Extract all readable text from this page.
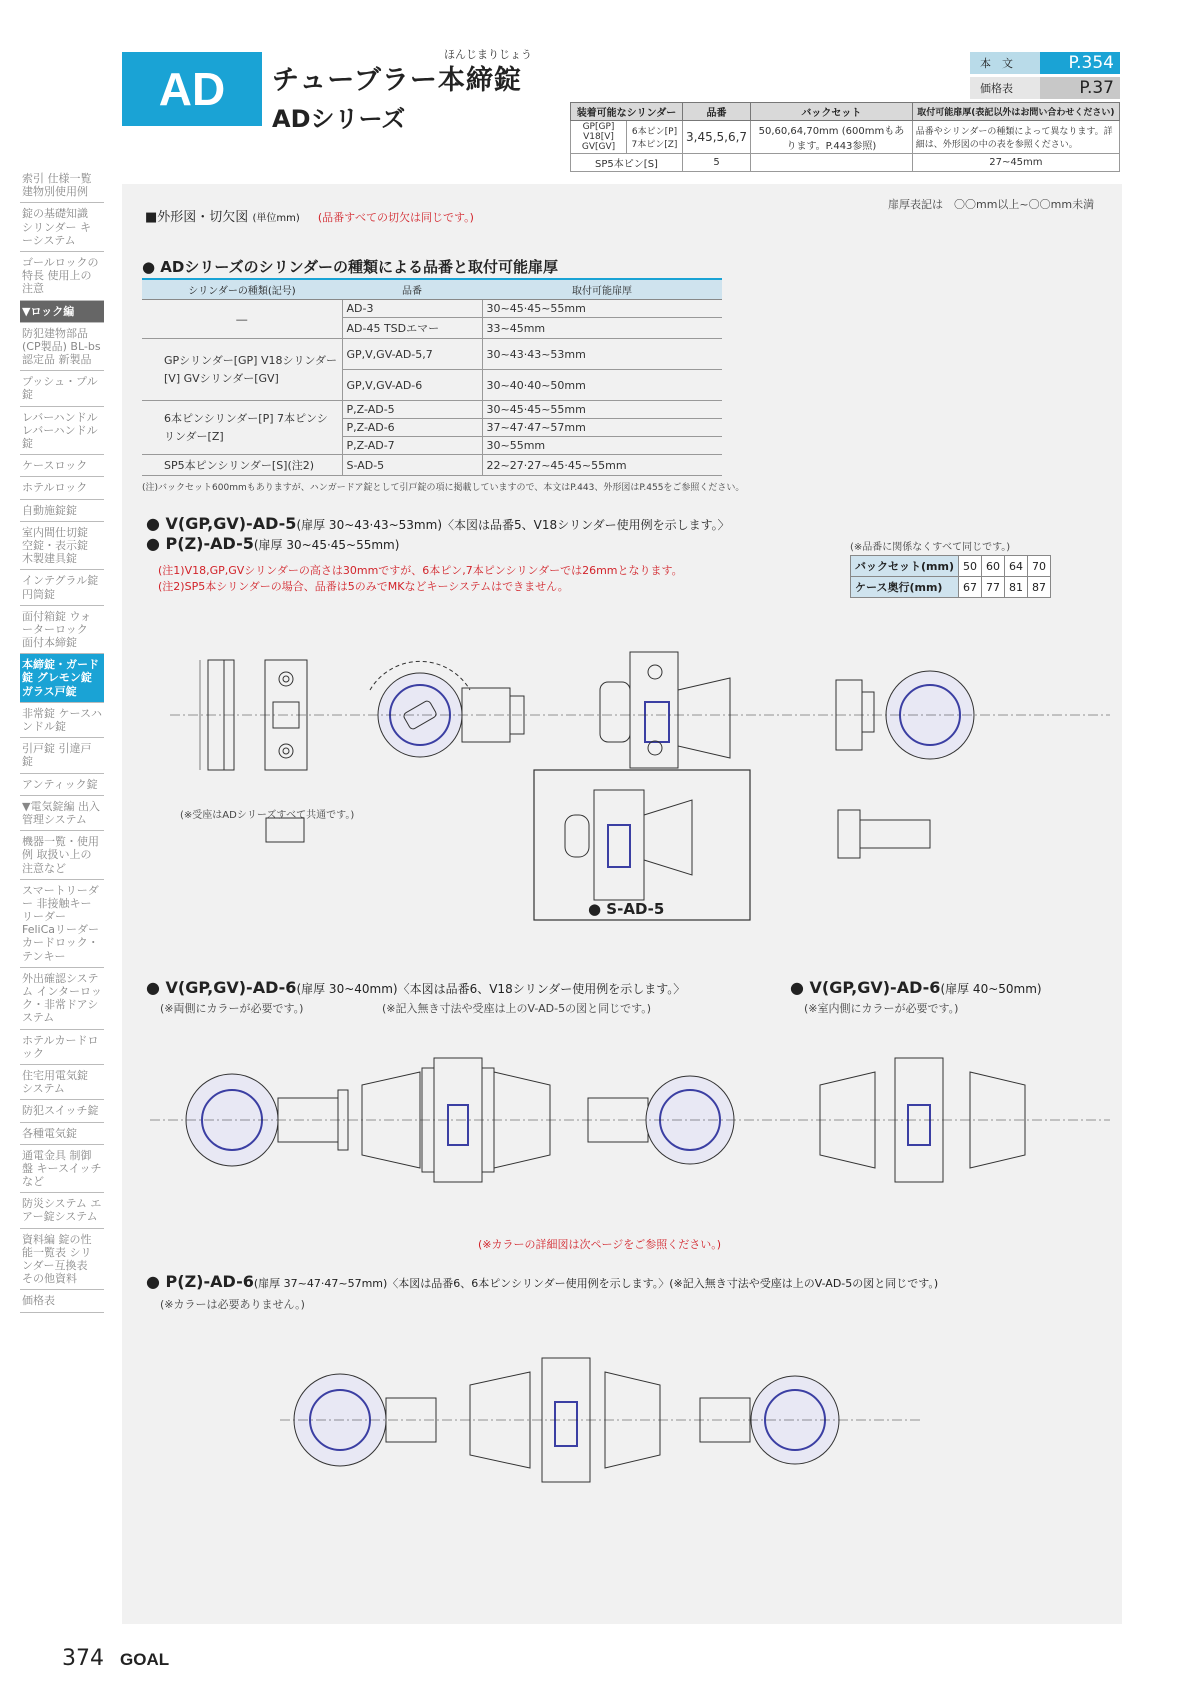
AD
ほんじまりじょう
チューブラー本締錠
ADシリーズ
本　文	P.354
価格表	P.37
装着可能なシリンダー		品番	バックセット	取付可能扉厚(表記以外はお問い合わせください)
GP[GP] V18[V] GV[GV]	6本ピン[P] 7本ピン[Z]	3,45,5,6,7	50,60,64,70mm (600mmもあります。P.443参照)	品番やシリンダーの種類によって異なります。詳細は、外形図の中の表を参照ください。
SP5本ピン[S]		5		27~45mm
索引 仕様一覧 建物別使用例
錠の基礎知識 シリンダー キーシステム
ゴールロックの特長 使用上の注意
▼ロック編
防犯建物部品 (CP製品) BL-bs認定品 新製品
プッシュ・プル錠
レバーハンドル レバーハンドル錠
ケースロック
ホテルロック
自動施錠錠
室内間仕切錠 空錠・表示錠 木製建具錠
インテグラル錠 円筒錠
面付箱錠 ウォーターロック 面付本締錠
本締錠・ガード錠 グレモン錠 ガラス戸錠
非常錠 ケースハンドル錠
引戸錠 引違戸錠
アンティック錠
▼電気錠編 出入管理システム
機器一覧・使用例 取扱い上の注意など
スマートリーダー 非接触キーリーダー FeliCaリーダー カードロック・テンキー
外出確認システム インターロック・非常ドアシステム
ホテルカードロック
住宅用電気錠 システム
防犯スイッチ錠
各種電気錠
通電金具 制御盤 キースイッチなど
防災システム エアー錠システム
資料編 錠の性能一覧表 シリンダー互換表 その他資料
価格表
■外形図・切欠図 (単位mm) (品番すべての切欠は同じです。)
扉厚表記は　〇〇mm以上~〇〇mm未満
● ADシリーズのシリンダーの種類による品番と取付可能扉厚
シリンダーの種類(記号)	品番	取付可能扉厚
―	AD-3	30~45·45~55mm
	AD-45 TSDエマー	33~45mm
GPシリンダー[GP] V18シリンダー[V] GVシリンダー[GV]	GP,V,GV-AD-5,7	30~43·43~53mm
	GP,V,GV-AD-6	30~40·40~50mm
6本ピンシリンダー[P] 7本ピンシリンダー[Z]	P,Z-AD-5	30~45·45~55mm
	P,Z-AD-6	37~47·47~57mm
	P,Z-AD-7	30~55mm
SP5本ピンシリンダー[S](注2)	S-AD-5	22~27·27~45·45~55mm
(注)バックセット600mmもありますが、ハンガードア錠として引戸錠の項に掲載していますので、本文はP.443、外形図はP.455をご参照ください。
● V(GP,GV)-AD-5(扉厚 30~43·43~53mm)〈本図は品番5、V18シリンダー使用例を示します。〉
● P(Z)-AD-5(扉厚 30~45·45~55mm)
(注1)V18,GP,GVシリンダーの高さは30mmですが、6本ピン,7本ピンシリンダーでは26mmとなります。
(注2)SP5本シリンダーの場合、品番は5のみでMKなどキーシステムはできません。
(※品番に関係なくすべて同じです。)
バックセット(mm)	50	60	64	70
ケース奥行(mm)	67	77	81	87
(※受座はADシリーズすべて共通です。)
● S-AD-5
● V(GP,GV)-AD-6(扉厚 30~40mm)〈本図は品番6、V18シリンダー使用例を示します。〉
(※両側にカラーが必要です。)	(※記入無き寸法や受座は上のV-AD-5の図と同じです。)
● V(GP,GV)-AD-6(扉厚 40~50mm)
(※室内側にカラーが必要です。)
(※カラーの詳細図は次ページをご参照ください。)
● P(Z)-AD-6(扉厚 37~47·47~57mm)〈本図は品番6、6本ピンシリンダー使用例を示します。〉(※記入無き寸法や受座は上のV-AD-5の図と同じです。)
(※カラーは必要ありません。)
374 GOAL
